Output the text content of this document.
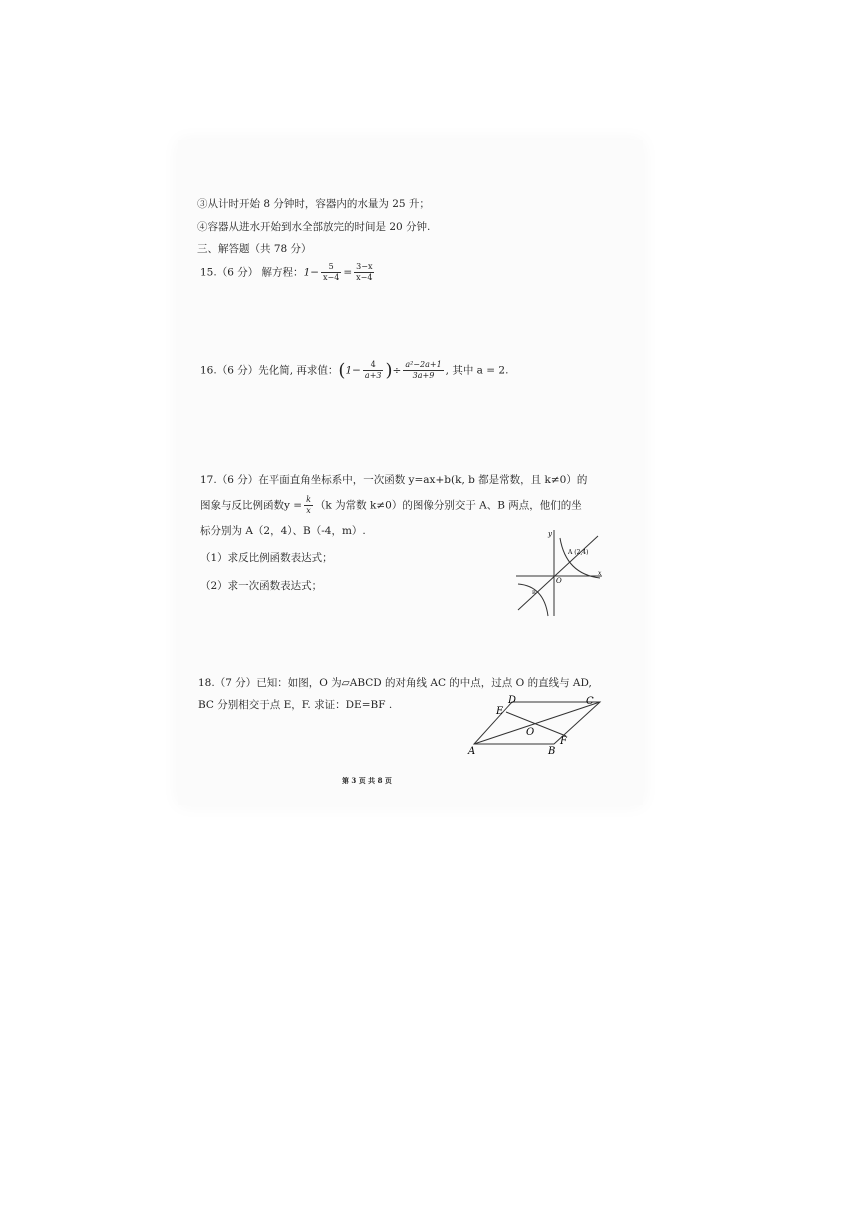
③从计时开始 8 分钟时，容器内的水量为 25 升；
④容器从进水开始到水全部放完的时间是 20 分钟.
三、解答题（共 78 分）
15.（6 分） 解方程：$1- \frac{5}{x-4} = \frac{3-x}{x-4}$
16.（6 分）先化简, 再求值：($1- \frac{4}{a+3}$ )÷ $\frac{\text{a²−2a+1}}{3a+9}$ , 其中 a = 2.
17.（6 分）在平面直角坐标系中，一次函数 y=ax+b(k, b 都是常数，且 k≠0）的
图象与反比例函数$y = \frac{k}{x} (k$ 为常数 k≠0）的图像分别交于 A、B 两点，他们的坐
标分别为 A（2，4）、B（-4，m）.
（1）求反比例函数表达式；
（2）求一次函数表达式；
y
x
O
A (2,4)
B
18.（7 分）已知：如图，O 为▱ABCD 的对角线 AC 的中点，过点 O 的直线与 AD,
BC 分别相交于点 E，F. 求证：DE=BF .
A	B
C
D
E
F
O
第 3 页 共 8 页
